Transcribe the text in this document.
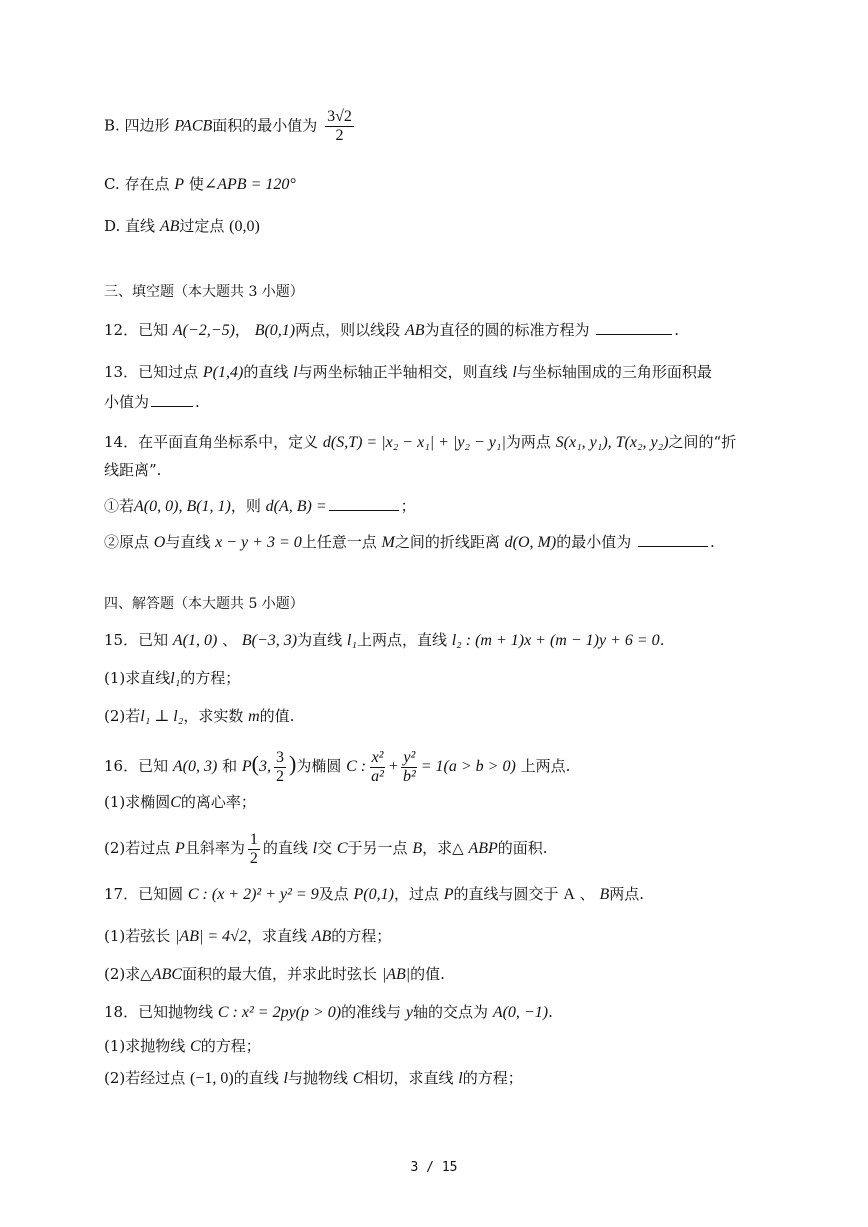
B. 四边形 PACB面积的最小值为 $\frac{3√2}{2}$
C. 存在点 P 使∠APB = 120°
D. 直线 AB过定点 (0,0)
三、填空题（本大题共 3 小题）
12．已知 A(−2,−5)， B(0,1)两点，则以线段 AB为直径的圆的标准方程为	.
13．已知过点 P(1,4)的直线 l与两坐标轴正半轴相交，则直线 l与坐标轴围成的三角形面积最
小值为	.
14．在平面直角坐标系中，定义 d(S,T) = |x₂ − x₁| + |y₂ − y₁|为两点 S(x₁, y₁), T(x₂, y₂)之间的“折
线距离”.
①若A(0, 0), B(1, 1)，则 d(A, B) =	；
②原点 O与直线 x − y + 3 = 0上任意一点 M之间的折线距离 d(O, M)的最小值为	.
四、解答题（本大题共 5 小题）
15．已知 A(1, 0) 、 B(−3, 3)为直线 l₁上两点，直线 l₂ : (m + 1)x + (m − 1)y + 6 = 0.
(1)求直线l₁的方程；
(2)若l₁ ⊥ l₂，求实数 m的值.
16．已知 A(0, 3) 和 P(3, $\frac{3}{2}$ )为椭圆 C : $\frac{\text{x²}}{\text{a²}} + \frac{\text{y²}}{\text{b²}} = 1(a > b > 0)$ 上两点.
(1)求椭圆C的离心率；
(2)若过点 P且斜率为 $\frac{1}{2}$ 的直线 l交 C于另一点 B，求△ ABP的面积.
17．已知圆 C : (x + 2)² + y² = 9及点 P(0,1)，过点 P的直线与圆交于 A 、 B两点.
(1)若弦长 |AB| = 4√2，求直线 AB的方程；
(2)求△ABC面积的最大值，并求此时弦长 |AB|的值.
18．已知抛物线 C : x² = 2py(p > 0)的准线与 y轴的交点为 A(0, −1).
(1)求抛物线 C的方程；
(2)若经过点 (−1, 0)的直线 l与抛物线 C相切，求直线 l的方程；
3 / 15
